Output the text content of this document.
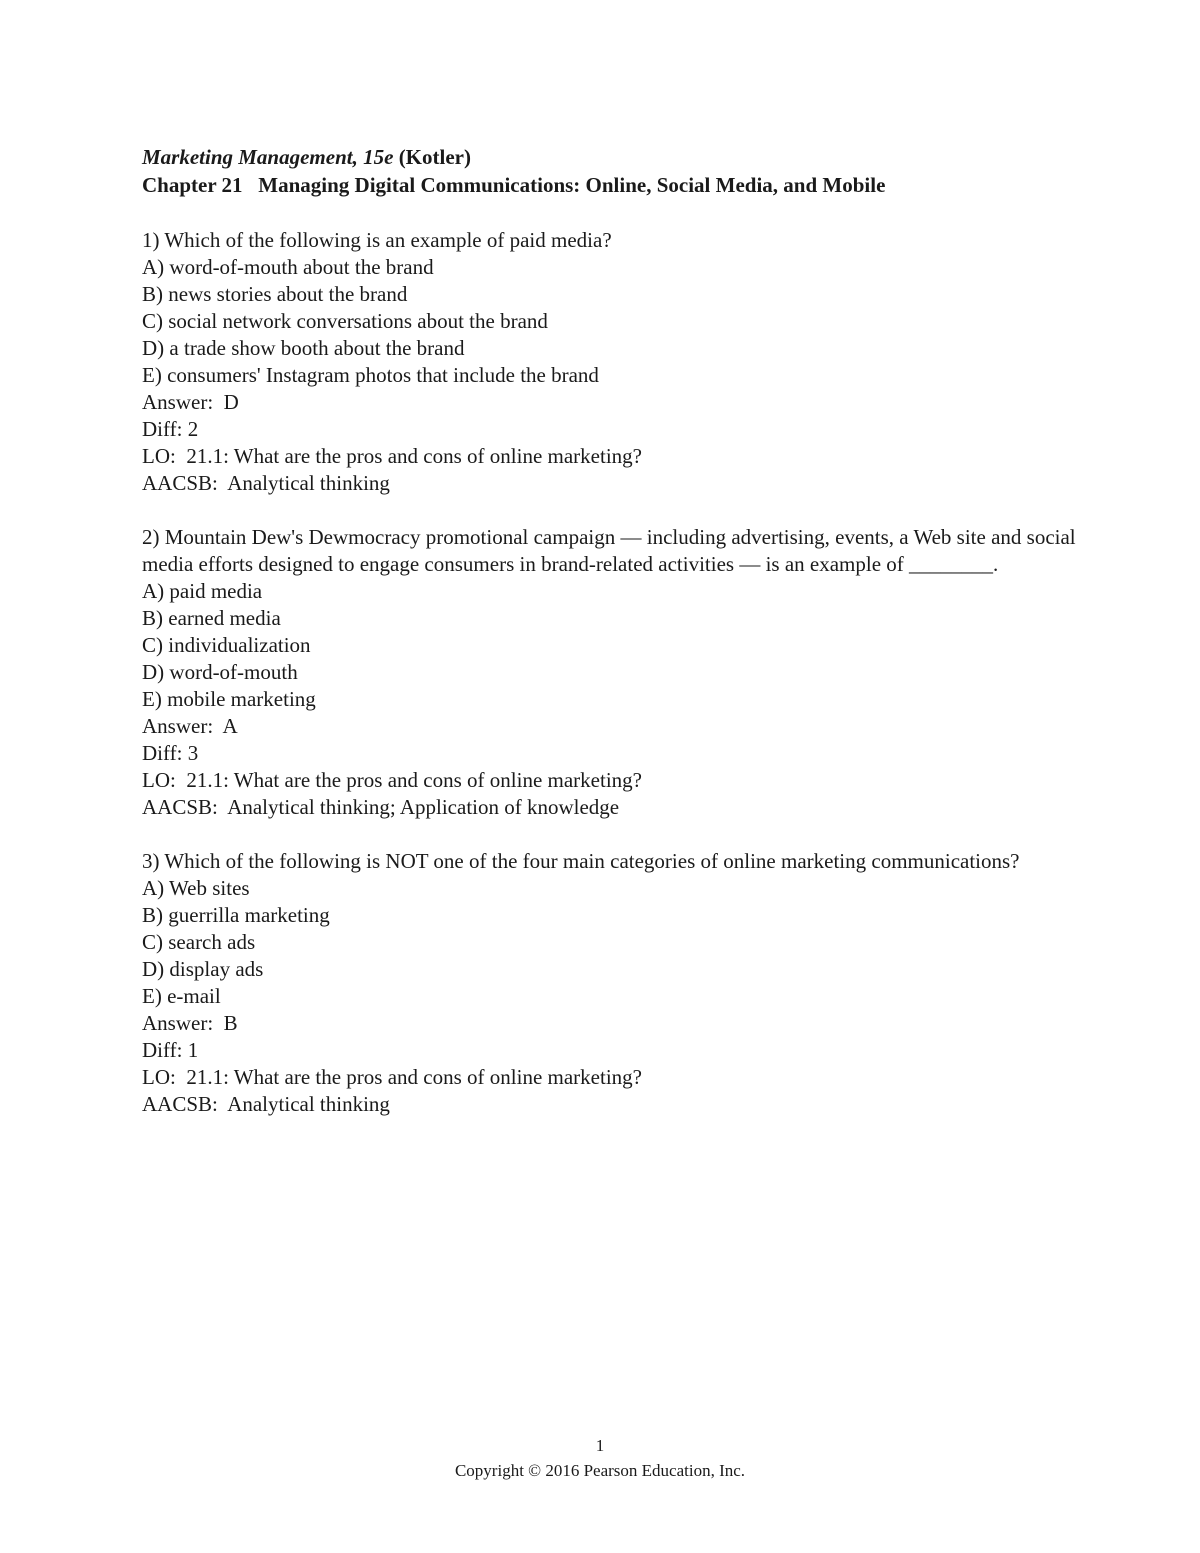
Marketing Management, 15e (Kotler)

Chapter 21   Managing Digital Communications: Online, Social Media, and Mobile

1) Which of the following is an example of paid media?

A) word-of-mouth about the brand

B) news stories about the brand

C) social network conversations about the brand

D) a trade show booth about the brand

E) consumers' Instagram photos that include the brand

Answer:  D

Diff: 2

LO:  21.1: What are the pros and cons of online marketing?

AACSB:  Analytical thinking

2) Mountain Dew's Dewmocracy promotional campaign — including advertising, events, a Web site and social media efforts designed to engage consumers in brand-related activities — is an example of ________.

A) paid media

B) earned media

C) individualization

D) word-of-mouth

E) mobile marketing

Answer:  A

Diff: 3

LO:  21.1: What are the pros and cons of online marketing?

AACSB:  Analytical thinking; Application of knowledge

3) Which of the following is NOT one of the four main categories of online marketing communications?

A) Web sites

B) guerrilla marketing

C) search ads

D) display ads

E) e-mail

Answer:  B

Diff: 1

LO:  21.1: What are the pros and cons of online marketing?

AACSB:  Analytical thinking

1
Copyright © 2016 Pearson Education, Inc.
